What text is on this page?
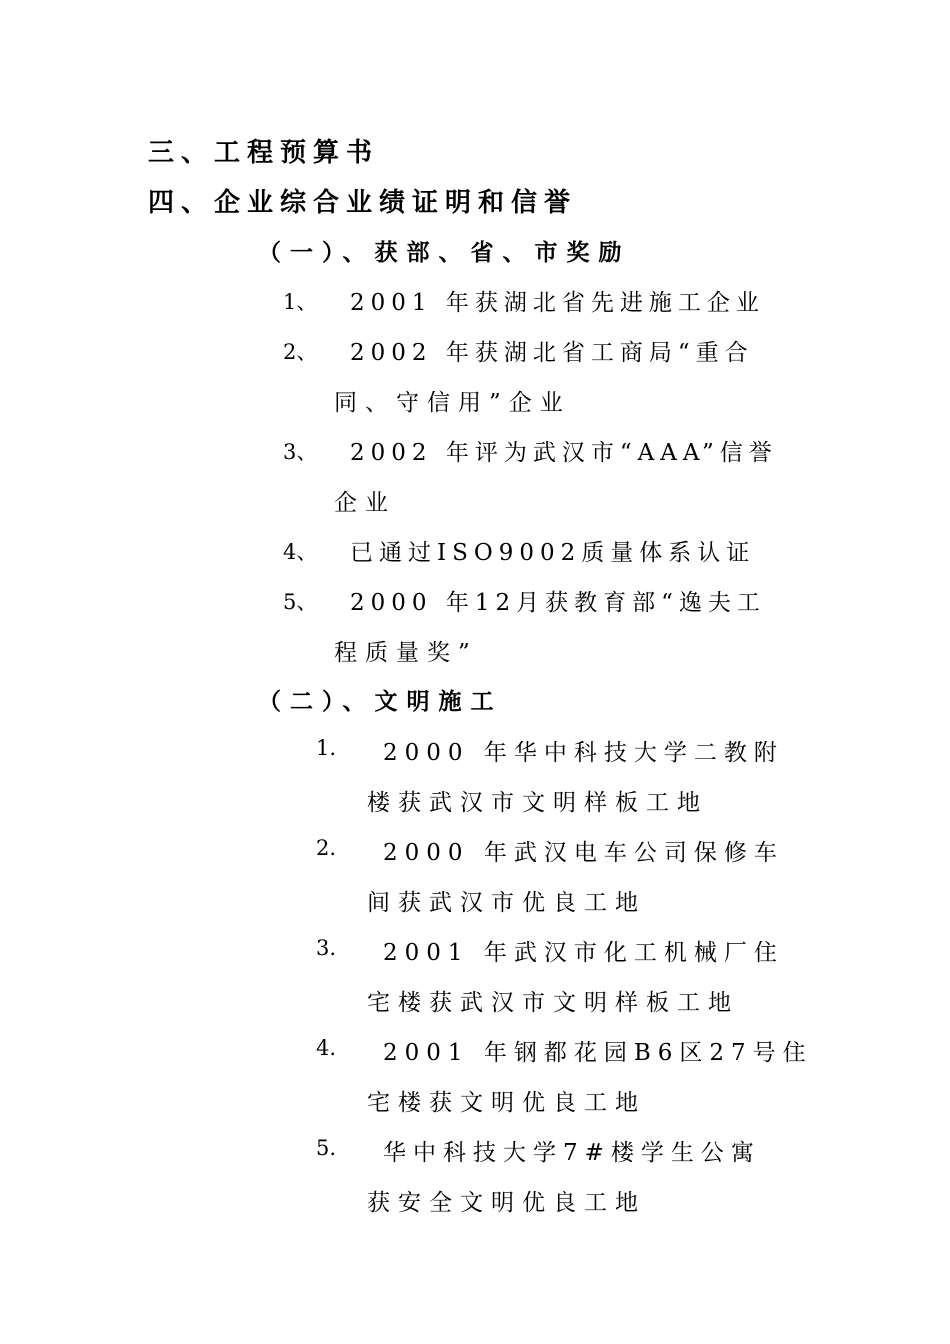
三、工程预算书
四、企业综合业绩证明和信誉
（一）、获部、省、市奖励
1、 2001 年获湖北省先进施工企业
2、 2002 年获湖北省工商局“重合
同、守信用”企业
3、 2002 年评为武汉市“AAA”信誉
企业
4、 已通过ISO9002质量体系认证
5、 2000 年12月获教育部“逸夫工
程质量奖”
（二）、文明施工
1. 2000 年华中科技大学二教附
楼获武汉市文明样板工地
2. 2000 年武汉电车公司保修车
间获武汉市优良工地
3. 2001 年武汉市化工机械厂住
宅楼获武汉市文明样板工地
4. 2001 年钢都花园B6区27号住
宅楼获文明优良工地
5. 华中科技大学7#楼学生公寓
获安全文明优良工地
